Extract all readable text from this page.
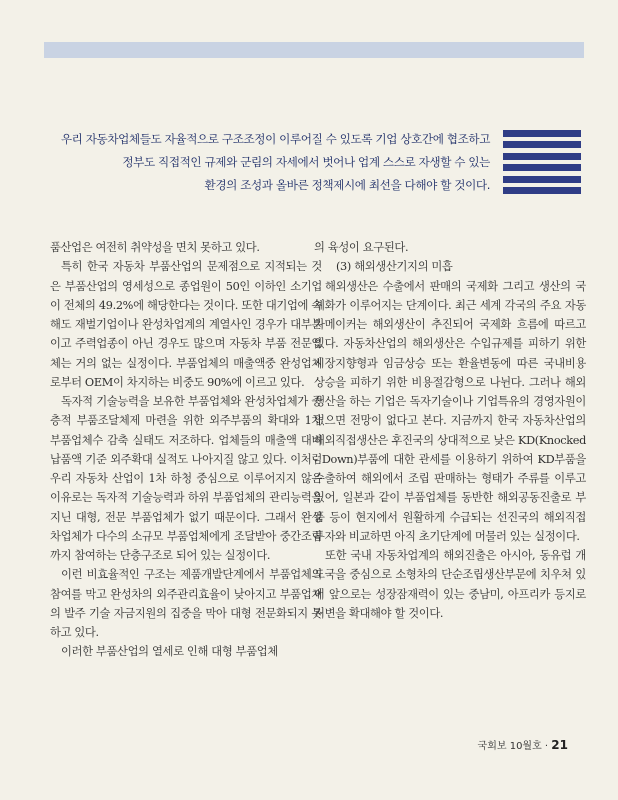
우리 자동차업체들도 자율적으로 구조조정이 이루어질 수 있도록 기업 상호간에 협조하고
정부도 직접적인 규제와 군림의 자세에서 벗어나 업계 스스로 자생할 수 있는
환경의 조성과 올바른 정책제시에 최선을 다해야 할 것이다.

품산업은 여전히 취약성을 면치 못하고 있다.

특히 한국 자동차 부품산업의 문제점으로 지적되는 것은 부품산업의 영세성으로 종업원이 50인 이하인 소기업이 전체의 49.2%에 해당한다는 것이다. 또한 대기업에 속해도 재벌기업이나 완성차업계의 계열사인 경우가 대부분이고 주력업종이 아닌 경우도 많으며 자동차 부품 전문업체는 거의 없는 실정이다. 부품업체의 매출액중 완성업체로부터 OEM이 차지하는 비중도 90%에 이르고 있다.

독자적 기술능력을 보유한 부품업체와 완성차업체가 중층적 부품조달체제 마련을 위한 외주부품의 확대와 1차 부품업체수 감축 실태도 저조하다. 업체들의 매출액 대비 납품액 기준 외주확대 실적도 나아지질 않고 있다. 이처럼 우리 자동차 산업이 1차 하청 중심으로 이루어지지 않은 이유로는 독자적 기술능력과 하위 부품업체의 관리능력을 지닌 대형, 전문 부품업체가 없기 때문이다. 그래서 완성차업체가 다수의 소규모 부품업체에게 조달받아 중간조립까지 참여하는 단층구조로 되어 있는 실정이다.

이런 비효율적인 구조는 제품개발단계에서 부품업체의 참여를 막고 완성차의 외주관리효율이 낮아지고 부품업체의 발주 기술 자금지원의 집중을 막아 대형 전문화되지 못하고 있다.

이러한 부품산업의 열세로 인해 대형 부품업체

의 육성이 요구된다.

(3) 해외생산기지의 미흡

해외생산은 수출에서 판매의 국제화 그리고 생산의 국제화가 이루어지는 단계이다. 최근 세계 각국의 주요 자동차메이커는 해외생산이 추진되어 국제화 흐름에 따르고 있다. 자동차산업의 해외생산은 수입규제를 피하기 위한 시장지향형과 임금상승 또는 환율변동에 따른 국내비용 상승을 피하기 위한 비용절감형으로 나뉜다. 그러나 해외생산을 하는 기업은 독자기술이나 기업특유의 경영자원이 없으면 전망이 없다고 본다. 지금까지 한국 자동차산업의 해외직접생산은 후진국의 상대적으로 낮은 KD(Knocked - Down)부품에 대한 관세를 이용하기 위하여 KD부품을 수출하여 해외에서 조립 판매하는 형태가 주류를 이루고 있어, 일본과 같이 부품업체를 동반한 해외공동진출로 부품 등이 현지에서 원활하게 수급되는 선진국의 해외직접투자와 비교하면 아직 초기단계에 머물러 있는 실정이다.

또한 국내 자동차업계의 해외진출은 아시아, 동유럽 개도국을 중심으로 소형차의 단순조립생산부문에 치우쳐 있어 앞으로는 성장잠재력이 있는 중남미, 아프리카 등지로 저변을 확대해야 할 것이다.

국회보 10월호 · 21
